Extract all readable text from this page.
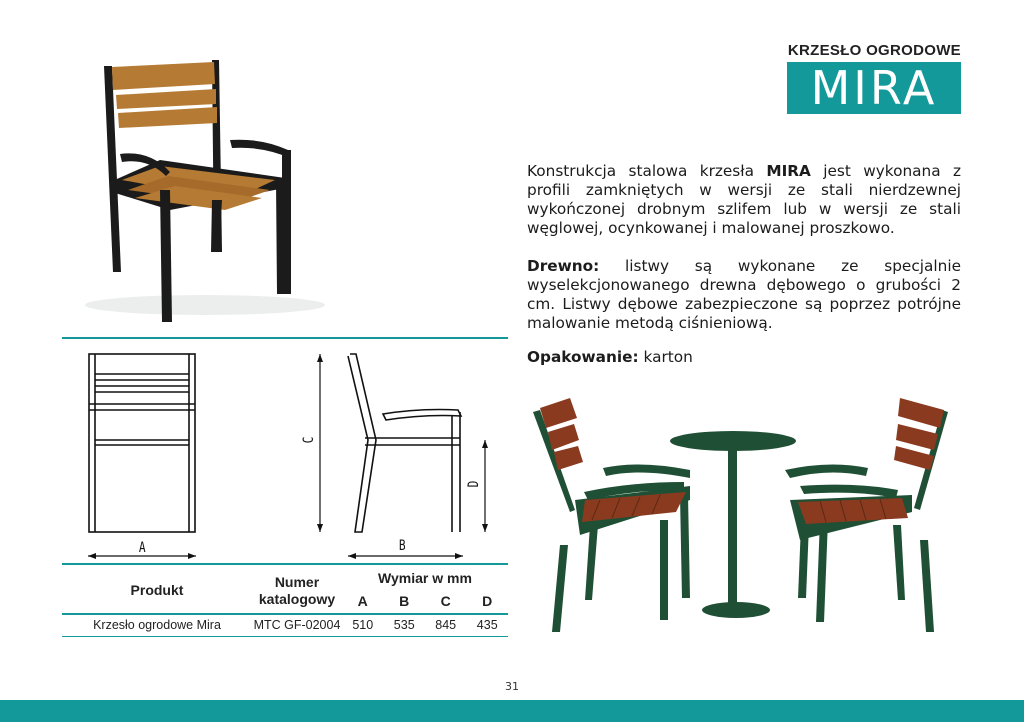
KRZESŁO OGRODOWE
MIRA

Konstrukcja stalowa krzesła MIRA jest wykonana z profili zamkniętych w wersji ze stali nierdzewnej wykończonej drobnym szlifem lub w wersji ze stali węglowej, ocynkowanej i malowanej proszkowo.

Drewno: listwy są wykonane ze specjalnie wyselekcjonowanego drewna dębowego o grubości 2 cm. Listwy dębowe zabezpieczone są poprzez potrójne malowanie metodą ciśnieniową.

Opakowanie: karton

A	B
C
D
Produkt	Numer katalogowy	Wymiar w mm			
		A	B	C	D
Krzesło ogrodowe Mira	MTC GF-02004	510	535	845	435
31
